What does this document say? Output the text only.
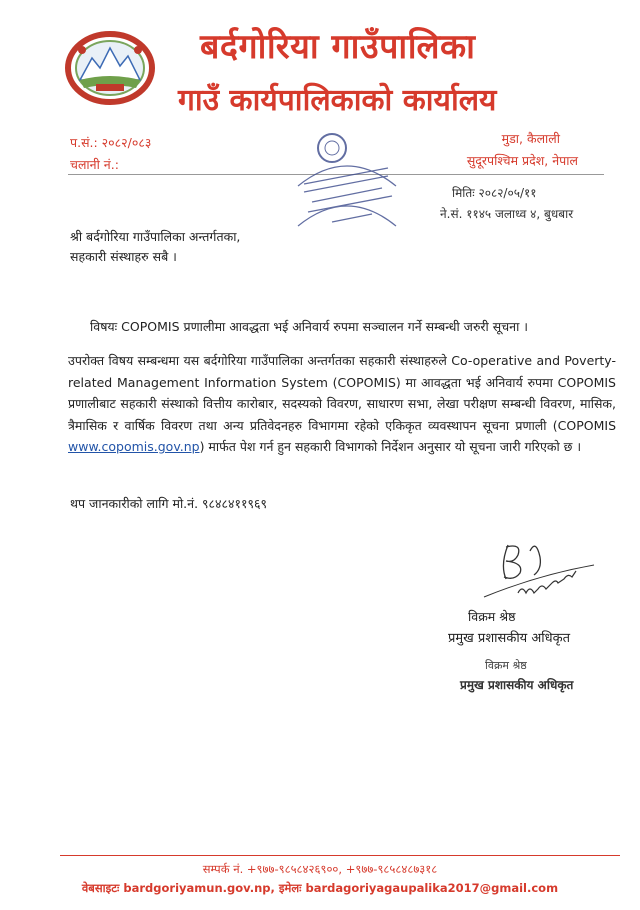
बर्दगोरिया गाउँपालिका
गाउँ कार्यपालिकाको कार्यालय
प.सं.: २०८२/०८३
चलानी नं.:
मुडा, कैलाली
सुदूरपश्चिम प्रदेश, नेपाल
मितिः २०८२/०५/११
ने.सं. ११४५ जलाध्व ४, बुधबार
श्री बर्दगोरिया गाउँपालिका अन्तर्गतका,
सहकारी संस्थाहरु सबै ।
विषयः COPOMIS प्रणालीमा आवद्धता भई अनिवार्य रुपमा सञ्चालन गर्ने सम्बन्धी जरुरी सूचना ।
उपरोक्त विषय सम्बन्धमा यस बर्दगोरिया गाउँपालिका अन्तर्गतका सहकारी संस्थाहरुले Co-operative and Poverty-related Management Information System (COPOMIS) मा आवद्धता भई अनिवार्य रुपमा COPOMIS प्रणालीबाट सहकारी संस्थाको वित्तीय कारोबार, सदस्यको विवरण, साधारण सभा, लेखा परीक्षण सम्बन्धी विवरण, मासिक, त्रैमासिक र वार्षिक विवरण तथा अन्य प्रतिवेदनहरु विभागमा रहेको एकिकृत व्यवस्थापन सूचना प्रणाली (COPOMIS www.copomis.gov.np) मार्फत पेश गर्न हुन सहकारी विभागको निर्देशन अनुसार यो सूचना जारी गरिएको छ ।
थप जानकारीको लागि मो.नं. ९८४८४११९६९
विक्रम श्रेष्ठ
प्रमुख प्रशासकीय अधिकृत
विक्रम श्रेष्ठ
प्रमुख प्रशासकीय अधिकृत
सम्पर्क नं. +९७७-९८५८४२६९००, +९७७-९८५८४८७३१८
वेबसाइटः bardgoriyamun.gov.np, इमेलः bardagoriyagaupalika2017@gmail.com
